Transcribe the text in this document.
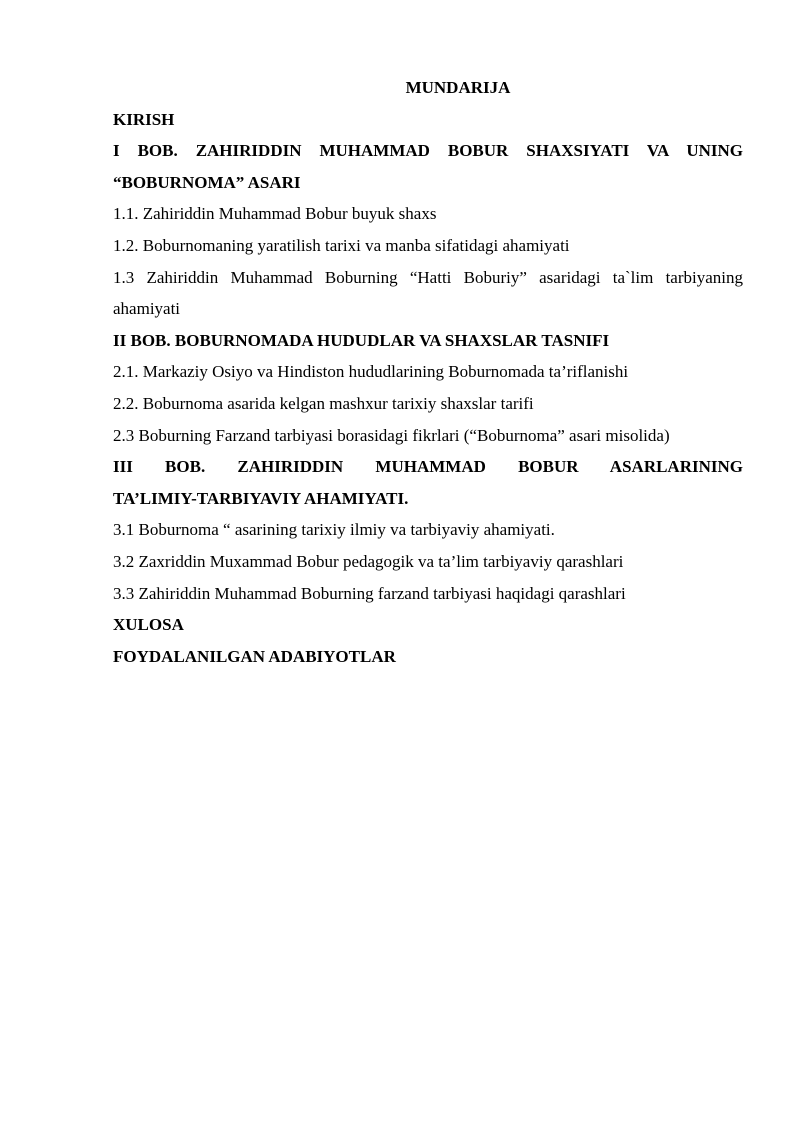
MUNDARIJA

KIRISH

I BOB. ZAHIRIDDIN MUHAMMAD BOBUR SHAXSIYATI VA UNING

“BOBURNOMA” ASARI

1.1. Zahiriddin Muhammad Bobur buyuk shaxs

1.2. Boburnomaning yaratilish tarixi va manba sifatidagi ahamiyati

1.3 Zahiriddin Muhammad Boburning “Hatti Boburiy” asaridagi ta`lim tarbiyaning

ahamiyati

II BOB. BOBURNOMADA HUDUDLAR VA SHAXSLAR TASNIFI

2.1. Markaziy Osiyo va Hindiston hududlarining Boburnomada ta’riflanishi

2.2. Boburnoma asarida kelgan mashxur tarixiy shaxslar tarifi

2.3 Boburning Farzand tarbiyasi borasidagi fikrlari (“Boburnoma” asari misolida)

III BOB. ZAHIRIDDIN MUHAMMAD BOBUR ASARLARINING

TA’LIMIY-TARBIYAVIY AHAMIYATI.

3.1 Boburnoma “ asarining tarixiy ilmiy va tarbiyaviy ahamiyati.

3.2 Zaxriddin Muxammad Bobur pedagogik va ta’lim tarbiyaviy qarashlari

3.3 Zahiriddin Muhammad Boburning farzand tarbiyasi haqidagi qarashlari

XULOSA

FOYDALANILGAN ADABIYOTLAR
